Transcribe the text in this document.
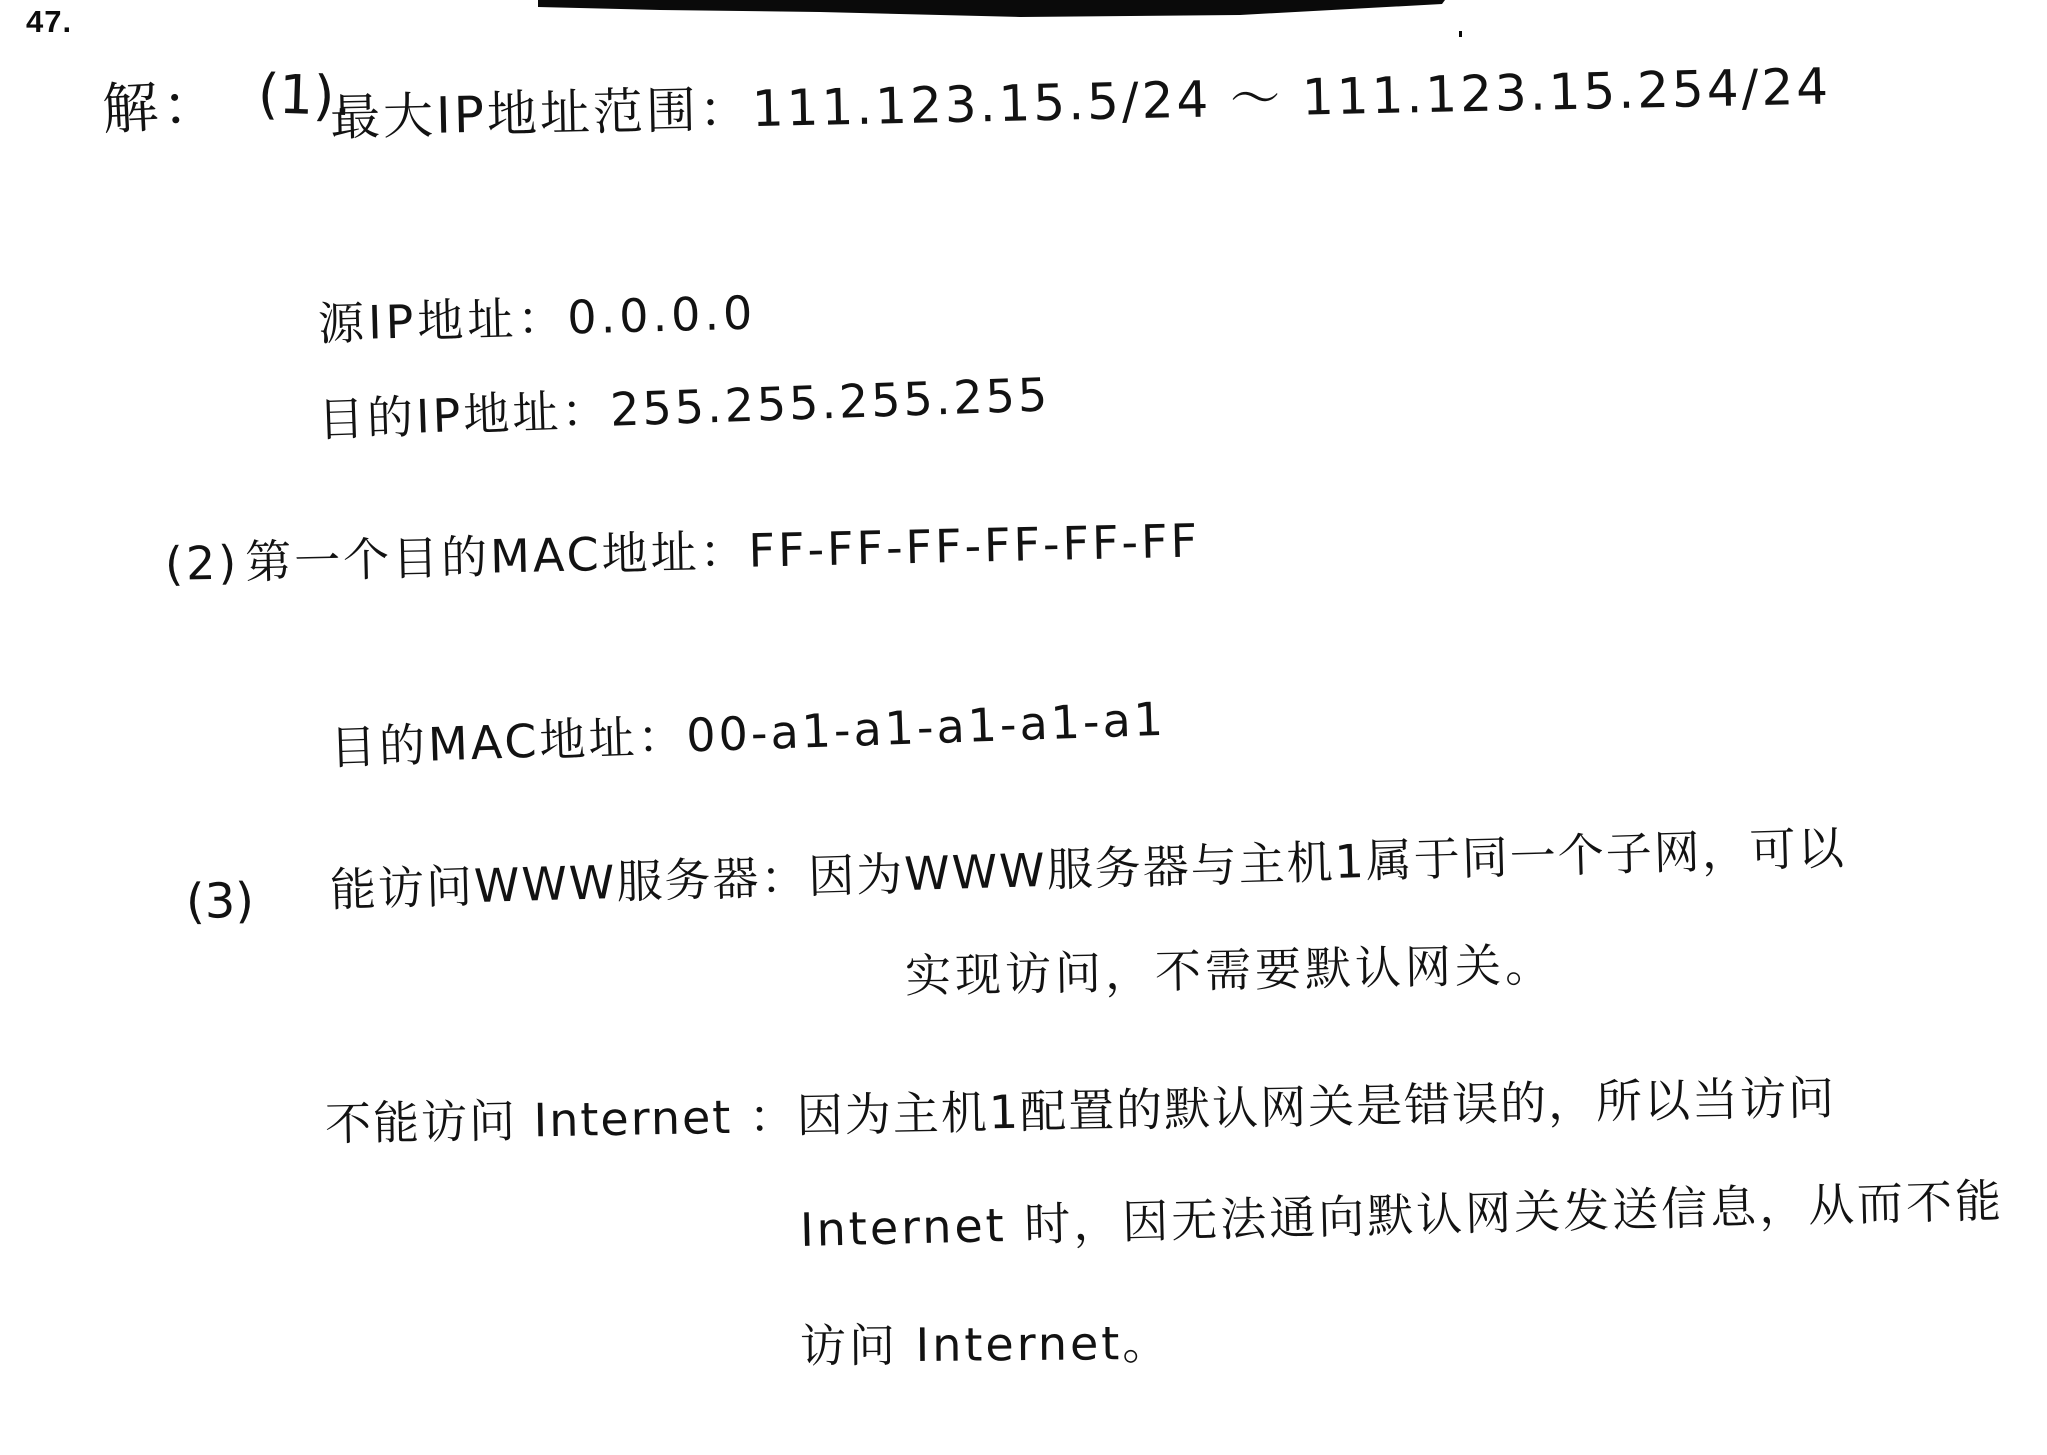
47.
解： (1).
最大IP地址范围：111.123.15.5/24 ～ 111.123.15.254/24
源IP地址：0.0.0.0
目的IP地址：255.255.255.255
(2) 第一个目的MAC地址：FF-FF-FF-FF-FF-FF
目的MAC地址：00-a1-a1-a1-a1-a1
(3) 能访问WWW服务器：因为WWW服务器与主机1属于同一个子网，可以
实现访问，不需要默认网关。
不能访问 Internet ：因为主机1配置的默认网关是错误的，所以当访问
Internet 时，因无法通向默认网关发送信息，从而不能
访问 Internet。
